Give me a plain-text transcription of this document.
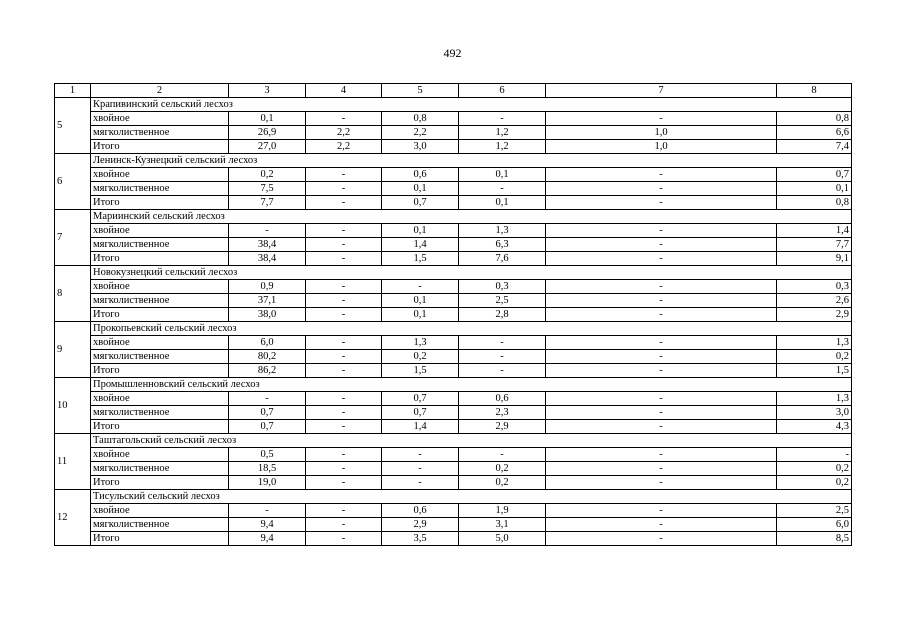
492
1	2	3	4	5	6	7	8
5	Крапивинский сельский лесхоз						
	хвойное	0,1	-	0,8	-	-	0,8
	мягколиственное	26,9	2,2	2,2	1,2	1,0	6,6
	Итого	27,0	2,2	3,0	1,2	1,0	7,4
6	Ленинск-Кузнецкий сельский лесхоз						
	хвойное	0,2	-	0,6	0,1	-	0,7
	мягколиственное	7,5	-	0,1	-	-	0,1
	Итого	7,7	-	0,7	0,1	-	0,8
7	Мариинский сельский лесхоз						
	хвойное	-	-	0,1	1,3	-	1,4
	мягколиственное	38,4	-	1,4	6,3	-	7,7
	Итого	38,4	-	1,5	7,6	-	9,1
8	Новокузнецкий сельский лесхоз						
	хвойное	0,9	-	-	0,3	-	0,3
	мягколиственное	37,1	-	0,1	2,5	-	2,6
	Итого	38,0	-	0,1	2,8	-	2,9
9	Прокопьевский сельский лесхоз						
	хвойное	6,0	-	1,3	-	-	1,3
	мягколиственное	80,2	-	0,2	-	-	0,2
	Итого	86,2	-	1,5	-	-	1,5
10	Промышленновский сельский лесхоз						
	хвойное	-	-	0,7	0,6	-	1,3
	мягколиственное	0,7	-	0,7	2,3	-	3,0
	Итого	0,7	-	1,4	2,9	-	4,3
11	Таштагольский сельский лесхоз						
	хвойное	0,5	-	-	-	-	-
	мягколиственное	18,5	-	-	0,2	-	0,2
	Итого	19,0	-	-	0,2	-	0,2
12	Тисульский сельский лесхоз						
	хвойное	-	-	0,6	1,9	-	2,5
	мягколиственное	9,4	-	2,9	3,1	-	6,0
	Итого	9,4	-	3,5	5,0	-	8,5
